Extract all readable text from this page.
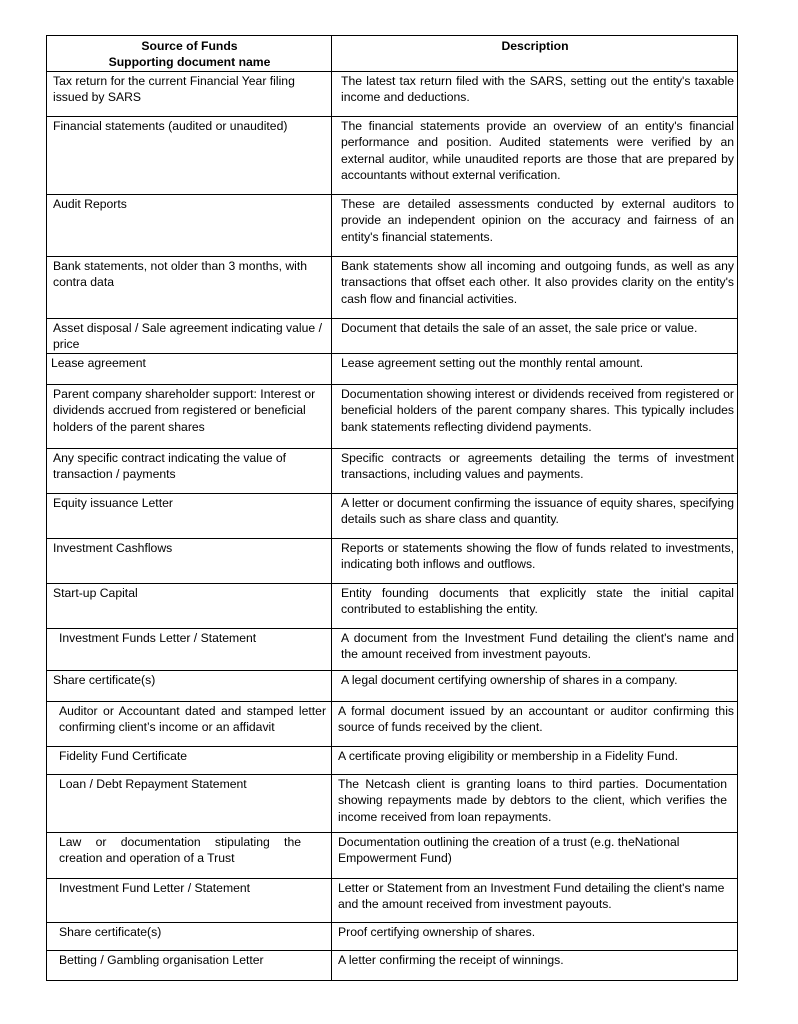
Source of Funds
Supporting document name	Description
Tax return for the current Financial Year filing issued by SARS	The latest tax return filed with the SARS, setting out the entity's taxable income and deductions.
Financial statements (audited or unaudited)	The financial statements provide an overview of an entity's financial performance and position. Audited statements were verified by an external auditor, while unaudited reports are those that are prepared by accountants without external verification.
Audit Reports	These are detailed assessments conducted by external auditors to provide an independent opinion on the accuracy and fairness of an entity's financial statements.
Bank statements, not older than 3 months, with contra data	Bank statements show all incoming and outgoing funds, as well as any transactions that offset each other. It also provides clarity on the entity's cash flow and financial activities.
Asset disposal / Sale agreement indicating value / price	Document that details the sale of an asset, the sale price or value.
Lease agreement	Lease agreement setting out the monthly rental amount.
Parent company shareholder support: Interest or dividends accrued from registered or beneficial holders of the parent shares	Documentation showing interest or dividends received from registered or beneficial holders of the parent company shares. This typically includes bank statements reflecting dividend payments.
Any specific contract indicating the value of transaction / payments	Specific contracts or agreements detailing the terms of investment transactions, including values and payments.
Equity issuance Letter	A letter or document confirming the issuance of equity shares, specifying details such as share class and quantity.
Investment Cashflows	Reports or statements showing the flow of funds related to investments, indicating both inflows and outflows.
Start-up Capital	Entity founding documents that explicitly state the initial capital contributed to establishing the entity.
Investment Funds Letter / Statement	A document from the Investment Fund detailing the client's name and the amount received from investment payouts.
Share certificate(s)	A legal document certifying ownership of shares in a company.
Auditor or Accountant dated and stamped letter confirming client’s income or an affidavit	A formal document issued by an accountant or auditor confirming this source of funds received by the client.
Fidelity Fund Certificate	A certificate proving eligibility or membership in a Fidelity Fund.
Loan / Debt Repayment Statement	The Netcash client is granting loans to third parties. Documentation showing repayments made by debtors to the client, which verifies the income received from loan repayments.
Law or documentation stipulating the creation and operation of a Trust	Documentation outlining the creation of a trust (e.g. theNational Empowerment Fund)
Investment Fund Letter / Statement	Letter or Statement from an Investment Fund detailing the client's name and the amount received from investment payouts.
Share certificate(s)	Proof certifying ownership of shares.
Betting / Gambling organisation Letter	A letter confirming the receipt of winnings.
